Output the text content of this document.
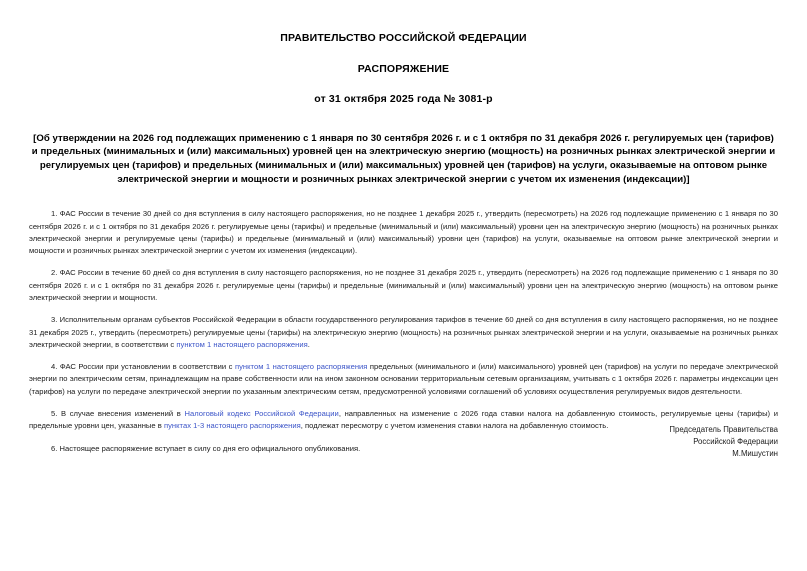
ПРАВИТЕЛЬСТВО РОССИЙСКОЙ ФЕДЕРАЦИИ
РАСПОРЯЖЕНИЕ
от 31 октября 2025 года № 3081-р
[Об утверждении на 2026 год подлежащих применению с 1 января по 30 сентября 2026 г. и с 1 октября по 31 декабря 2026 г. регулируемых цен (тарифов) и предельных (минимальных и (или) максимальных) уровней цен на электрическую энергию (мощность) на розничных рынках электрической энергии и регулируемых цен (тарифов) и предельных (минимальных и (или) максимальных) уровней цен (тарифов) на услуги, оказываемые на оптовом рынке электрической энергии и мощности и розничных рынках электрической энергии с учетом их изменения (индексации)]

1. ФАС России в течение 30 дней со дня вступления в силу настоящего распоряжения, но не позднее 1 декабря 2025 г., утвердить (пересмотреть) на 2026 год подлежащие применению с 1 января по 30 сентября 2026 г. и с 1 октября по 31 декабря 2026 г. регулируемые цены (тарифы) и предельные (минимальный и (или) максимальный) уровни цен на электрическую энергию (мощность) на розничных рынках электрической энергии и регулируемые цены (тарифы) и предельные (минимальный и (или) максимальный) уровни цен (тарифов) на услуги, оказываемые на оптовом рынке электрической энергии и мощности и розничных рынках электрической энергии с учетом их изменения (индексации).

2. ФАС России в течение 60 дней со дня вступления в силу настоящего распоряжения, но не позднее 31 декабря 2025 г., утвердить (пересмотреть) на 2026 год подлежащие применению с 1 января по 30 сентября 2026 г. и с 1 октября по 31 декабря 2026 г. регулируемые цены (тарифы) и предельные (минимальный и (или) максимальный) уровни цен на электрическую энергию (мощность) на оптовом рынке электрической энергии и мощности.

3. Исполнительным органам субъектов Российской Федерации в области государственного регулирования тарифов в течение 60 дней со дня вступления в силу настоящего распоряжения, но не позднее 31 декабря 2025 г., утвердить (пересмотреть) регулируемые цены (тарифы) на электрическую энергию (мощность) на розничных рынках электрической энергии и на услуги, оказываемые на розничных рынках электрической энергии, в соответствии с пунктом 1 настоящего распоряжения.

4. ФАС России при установлении в соответствии с пунктом 1 настоящего распоряжения предельных (минимального и (или) максимального) уровней цен (тарифов) на услуги по передаче электрической энергии по электрическим сетям, принадлежащим на праве собственности или на ином законном основании территориальным сетевым организациям, учитывать с 1 октября 2026 г. параметры индексации цен (тарифов) на услуги по передаче электрической энергии по указанным электрическим сетям, предусмотренной условиями соглашений об условиях осуществления регулируемых видов деятельности.

5. В случае внесения изменений в Налоговый кодекс Российской Федерации, направленных на изменение с 2026 года ставки налога на добавленную стоимость, регулируемые цены (тарифы) и предельные уровни цен, указанные в пунктах 1-3 настоящего распоряжения, подлежат пересмотру с учетом изменения ставки налога на добавленную стоимость.

6. Настоящее распоряжение вступает в силу со дня его официального опубликования.

Председатель Правительства
Российской Федерации
М.Мишустин
